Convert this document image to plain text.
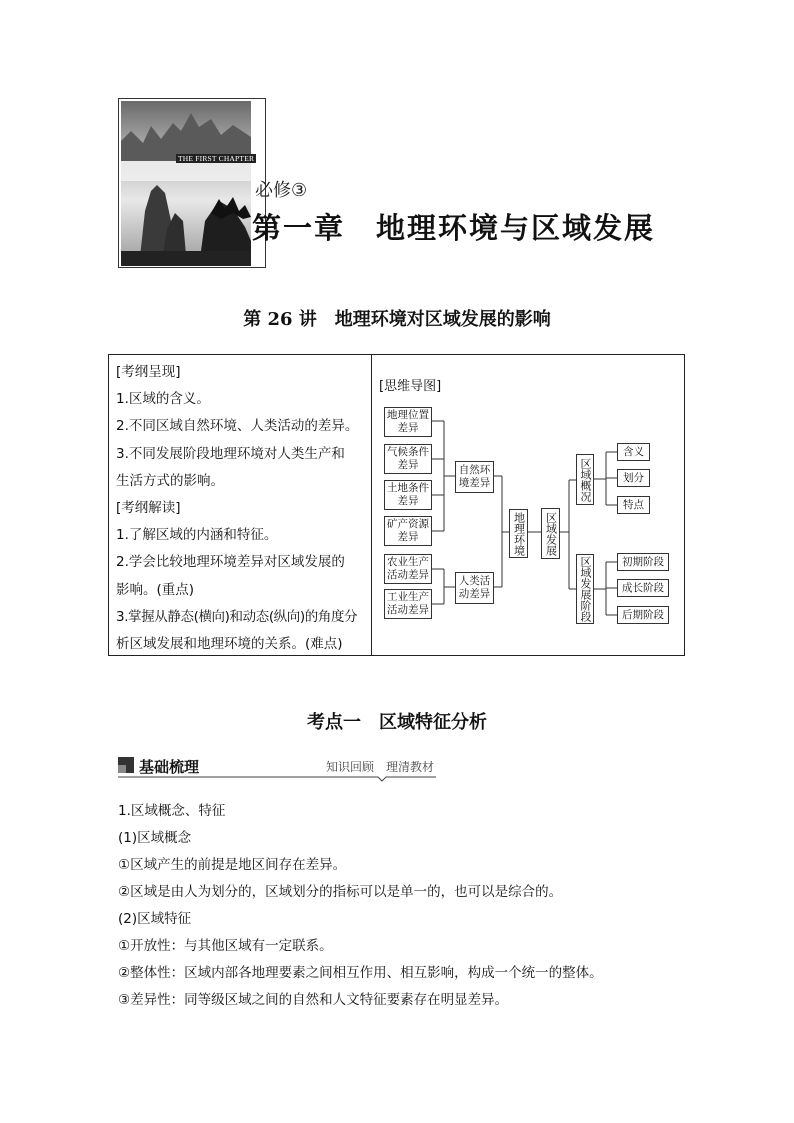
THE FIRST CHAPTER
必修③
第一章　地理环境与区域发展
第 26 讲　地理环境对区域发展的影响
[考纲呈现]
1.区域的含义。
2.不同区域自然环境、人类活动的差异。
3.不同发展阶段地理环境对人类生产和
生活方式的影响。
[考纲解读]
1.了解区域的内涵和特征。
2.学会比较地理环境差异对区域发展的
影响。(重点)
3.掌握从静态(横向)和动态(纵向)的角度分
析区域发展和地理环境的关系。(难点)
[思维导图]
地理位置差异
气候条件差异
土地条件差异
矿产资源差异
农业生产活动差异
工业生产活动差异
自然环境差异
人类活动差异
地理环境	区域发展
区域概况
区域发展阶段
含义
划分
特点
初期阶段
成长阶段
后期阶段
考点一　区域特征分析
基础梳理	知识回顾　理清教材
1.区域概念、特征
(1)区域概念
①区域产生的前提是地区间存在差异。
②区域是由人为划分的，区域划分的指标可以是单一的，也可以是综合的。
(2)区域特征
①开放性：与其他区域有一定联系。
②整体性：区域内部各地理要素之间相互作用、相互影响，构成一个统一的整体。
③差异性：同等级区域之间的自然和人文特征要素存在明显差异。
